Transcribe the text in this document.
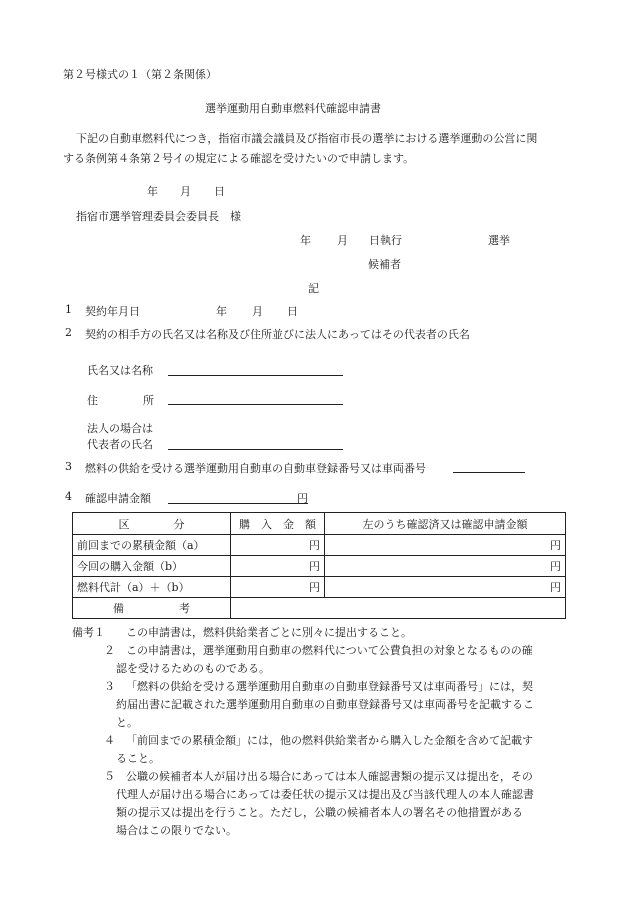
第２号様式の１（第２条関係）
選挙運動用自動車燃料代確認申請書
下記の自動車燃料代につき，指宿市議会議員及び指宿市長の選挙における選挙運動の公営に関
する条例第４条第２号イの規定による確認を受けたいので申請します。
年 月 日
指宿市選挙管理委員会委員長　様
年 月 日執行	選挙
候補者
記
1 契約年月日	年 月 日
2 契約の相手方の氏名又は名称及び住所並びに法人にあってはその代表者の氏名
氏名又は名称
住	所
法人の場合は
代表者の氏名
3 燃料の供給を受ける選挙運動用自動車の自動車登録番号又は車両番号
4 確認申請金額	円
区　　　　分	購　入　金　額	左のうち確認済又は確認申請金額
前回までの累積金額（a）	円	円
今回の購入金額（b）	円	円
燃料代計（a）＋（b）	円	円
備　　　　　考		
備考１ この申請書は，燃料供給業者ごとに別々に提出すること。
２ この申請書は，選挙運動用自動車の燃料代について公費負担の対象となるものの確
認を受けるためのものである。
３ 「燃料の供給を受ける選挙運動用自動車の自動車登録番号又は車両番号」には，契
約届出書に記載された選挙運動用自動車の自動車登録番号又は車両番号を記載するこ
と。
４ 「前回までの累積金額」には，他の燃料供給業者から購入した金額を含めて記載す
ること。
５ 公職の候補者本人が届け出る場合にあっては本人確認書類の提示又は提出を，その
代理人が届け出る場合にあっては委任状の提示又は提出及び当該代理人の本人確認書
類の提示又は提出を行うこと。ただし，公職の候補者本人の署名その他措置がある
場合はこの限りでない。
